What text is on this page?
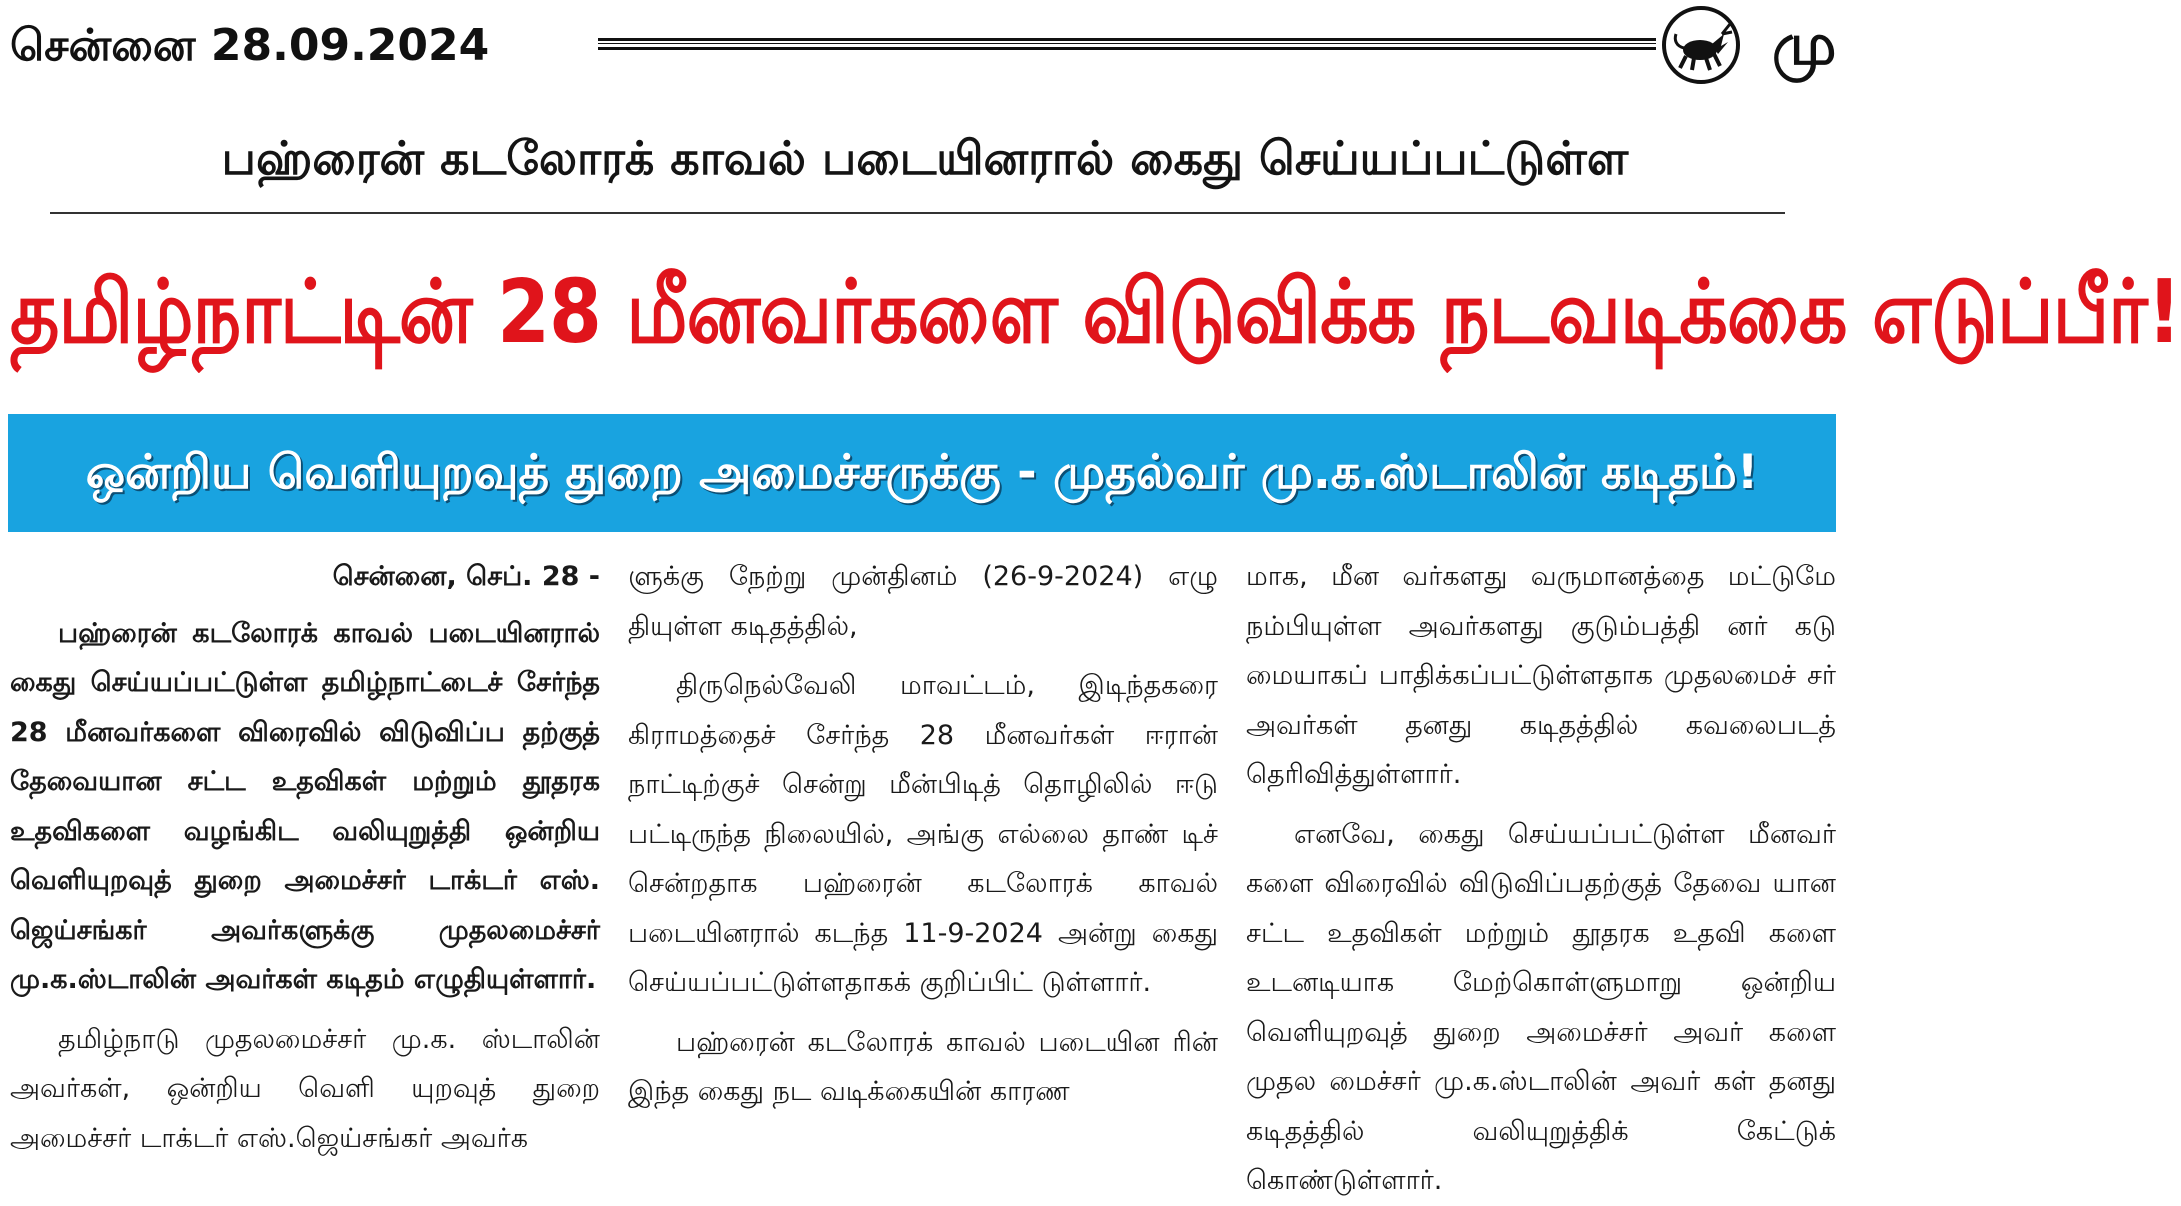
சென்னை 28.09.2024	மு
பஹ்ரைன் கடலோரக் காவல் படையினரால் கைது செய்யப்பட்டுள்ள
தமிழ்நாட்டின் 28 மீனவர்களை விடுவிக்க நடவடிக்கை எடுப்பீர்!
ஒன்றிய வெளியுறவுத் துறை அமைச்சருக்கு - முதல்வர் மு.க.ஸ்டாலின் கடிதம்!

சென்னை, செப். 28 -

பஹ்ரைன் கடலோரக் காவல் படையினரால் கைது செய்யப்பட்டுள்ள தமிழ்நாட்டைச் சேர்ந்த 28 மீனவர்களை விரைவில் விடுவிப்ப தற்குத் தேவையான சட்ட உதவிகள் மற்றும் தூதரக உதவிகளை வழங்கிட வலியுறுத்தி ஒன்றிய வெளியுறவுத் துறை அமைச்சர் டாக்டர் எஸ். ஜெய்சங்கர் அவர்களுக்கு முதலமைச்சர் மு.க.ஸ்டாலின் அவர்கள் கடிதம் எழுதியுள்ளார்.

தமிழ்நாடு முதலமைச்சர் மு.க. ஸ்டாலின் அவர்கள், ஒன்றிய வெளி யுறவுத் துறை அமைச்சர் டாக்டர் எஸ்.ஜெய்சங்கர் அவர்க

ளுக்கு நேற்று முன்தினம் (26-9-2024) எழு தியுள்ள கடிதத்தில்,

திருநெல்வேலி மாவட்டம், இடிந்தகரை கிராமத்தைச் சேர்ந்த 28 மீனவர்கள் ஈரான் நாட்டிற்குச் சென்று மீன்பிடித் தொழிலில் ஈடு பட்டிருந்த நிலையில், அங்கு எல்லை தாண் டிச் சென்றதாக பஹ்ரைன் கடலோரக் காவல் படையினரால் கடந்த 11-9-2024 அன்று கைது செய்யப்பட்டுள்ளதாகக் குறிப்பிட் டுள்ளார்.

பஹ்ரைன் கடலோரக் காவல் படையின ரின் இந்த கைது நட வடிக்கையின் காரண

மாக, மீன வர்களது வருமானத்தை மட்டுமே நம்பியுள்ள அவர்களது குடும்பத்தி னர் கடு மையாகப் பாதிக்கப்பட்டுள்ளதாக முதலமைச் சர் அவர்கள் தனது கடிதத்தில் கவலைபடத் தெரிவித்துள்ளார்.

எனவே, கைது செய்யப்பட்டுள்ள மீனவர் களை விரைவில் விடுவிப்பதற்குத் தேவை யான சட்ட உதவிகள் மற்றும் தூதரக உதவி களை உடனடியாக மேற்கொள்ளுமாறு ஒன்றிய வெளியுறவுத் துறை அமைச்சர் அவர் களை முதல மைச்சர் மு.க.ஸ்டாலின் அவர் கள் தனது கடிதத்தில் வலியுறுத்திக் கேட்டுக் கொண்டுள்ளார்.
